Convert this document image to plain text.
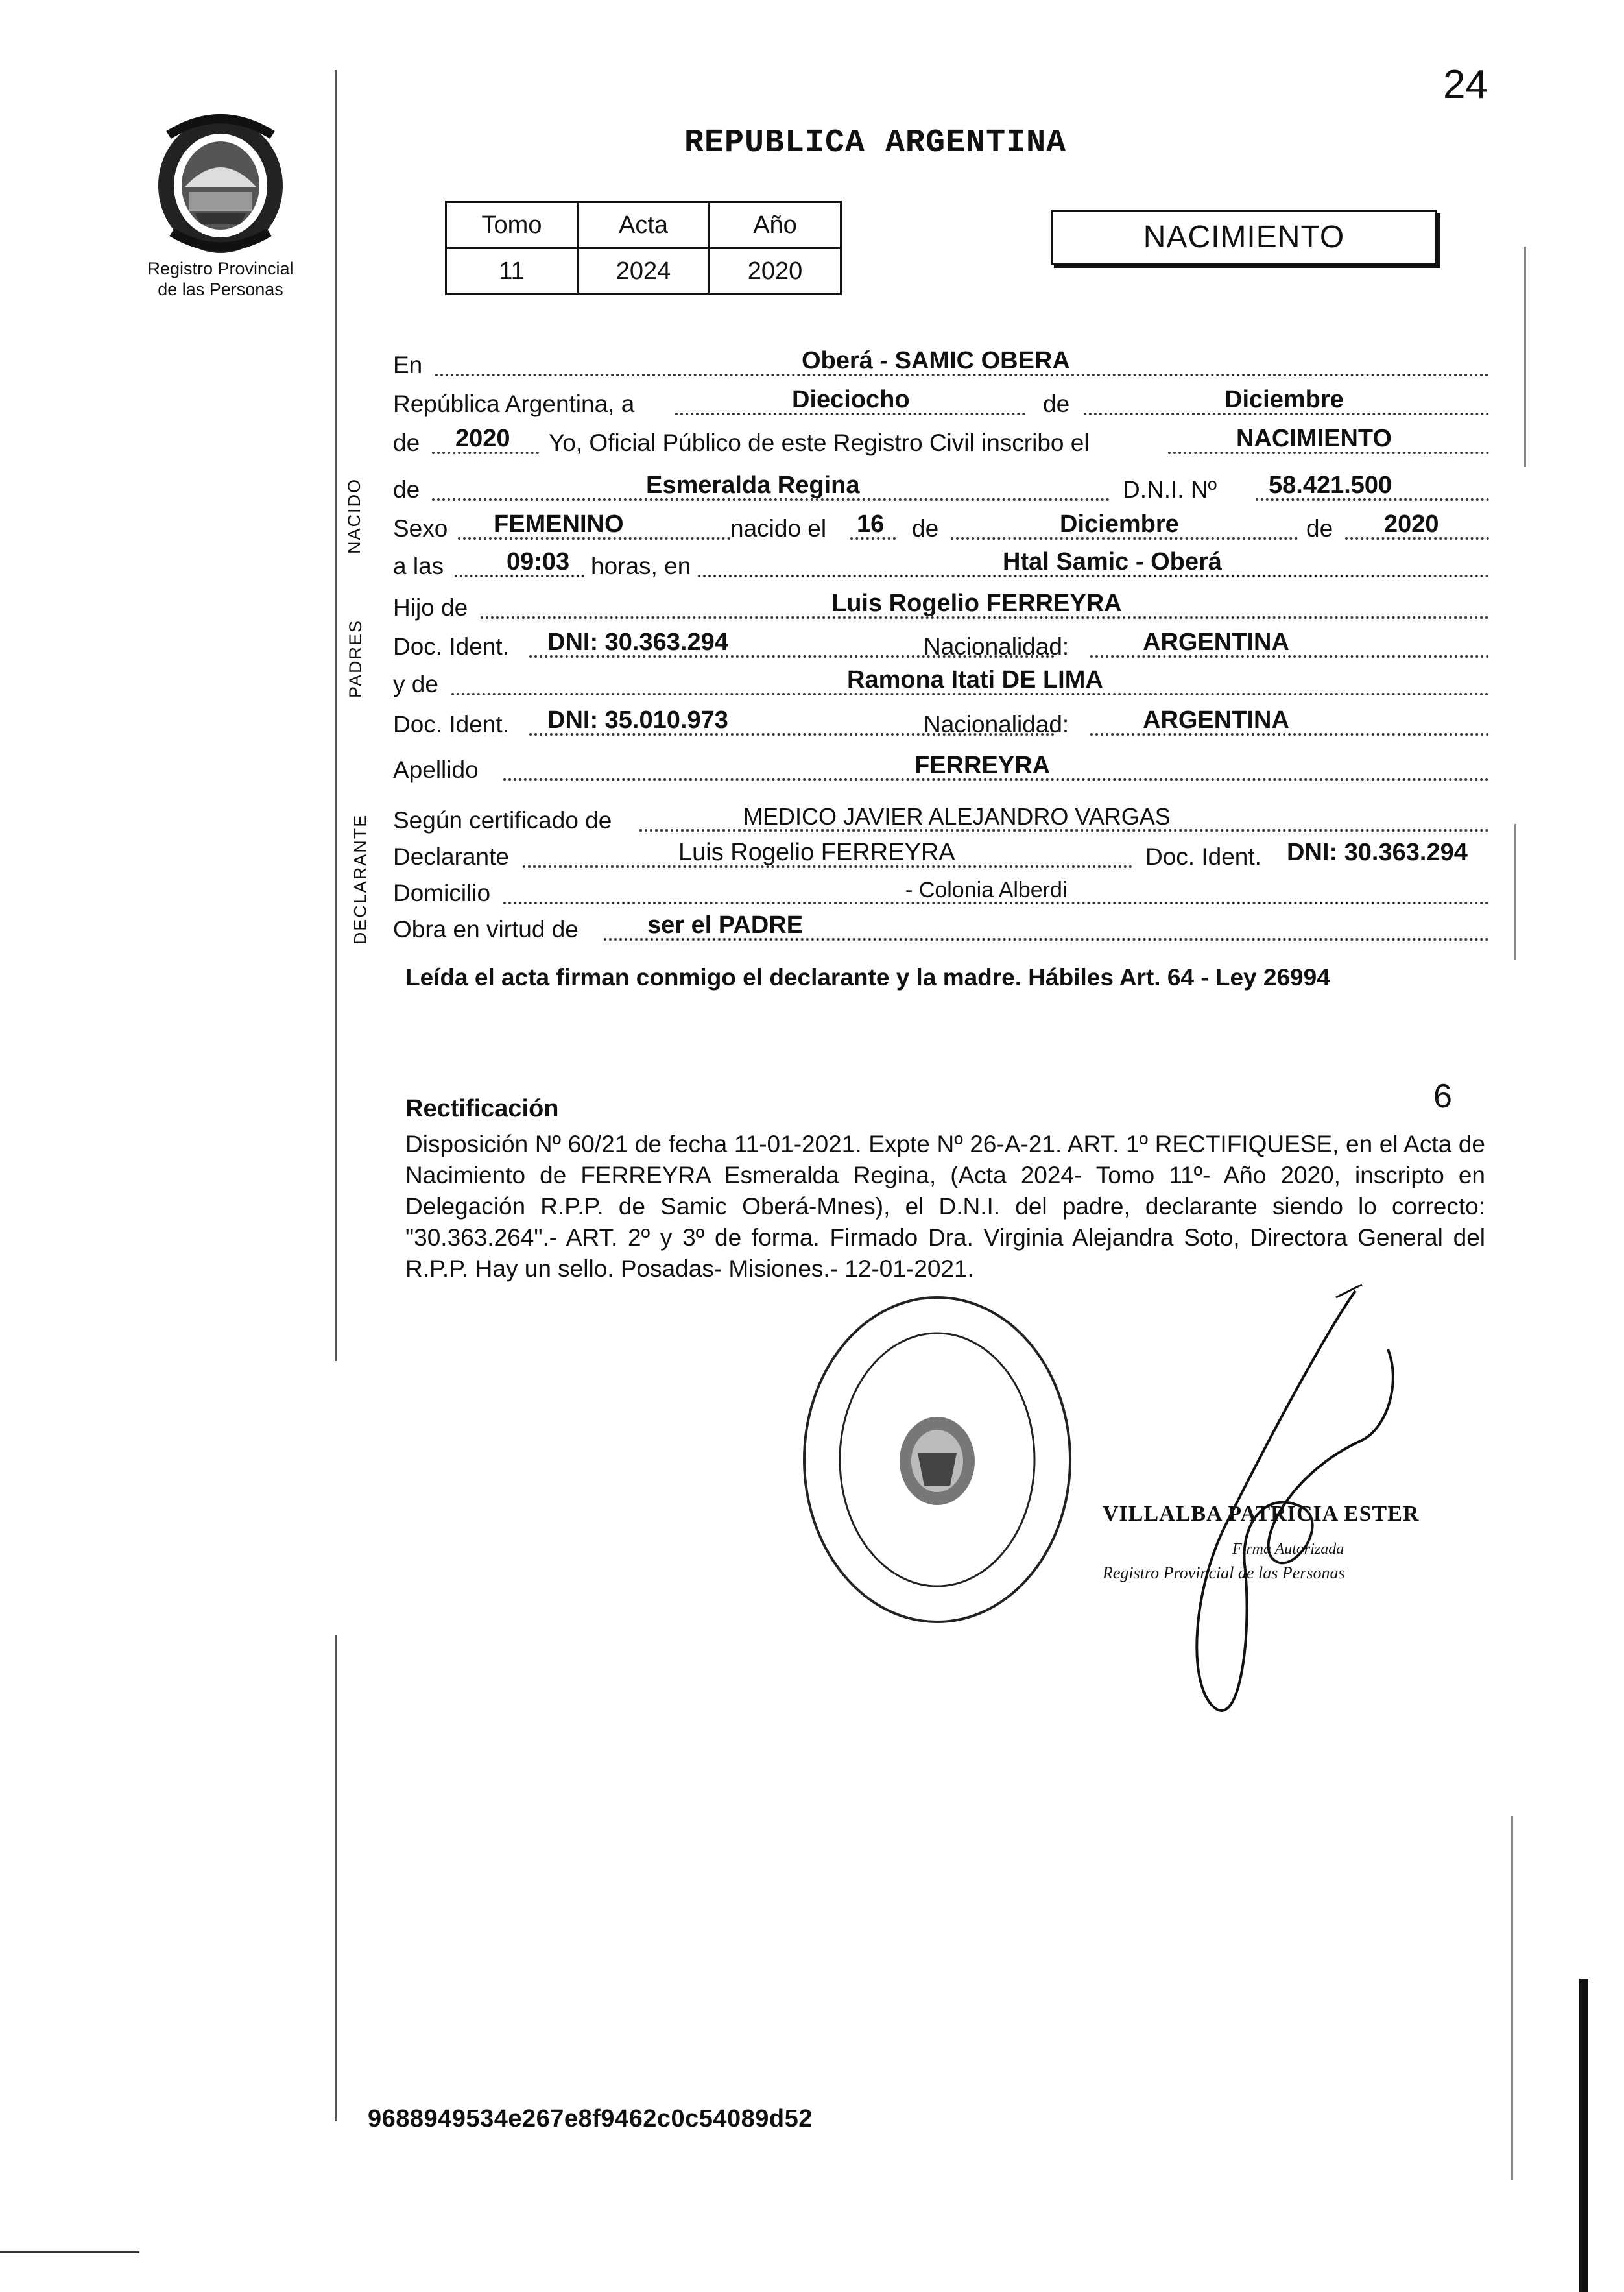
24
REPUBLICA ARGENTINA
Registro Provincial
de las Personas
Tomo	Acta	Año
11	2024	2020
NACIMIENTO
NACIDO
PADRES
DECLARANTE
En	Oberá - SAMIC OBERA
República Argentina, a	Dieciocho	de	Diciembre
de 2020 Yo, Oficial Público de este Registro Civil inscribo el	NACIMIENTO
de	Esmeralda Regina	D.N.I. Nº 58.421.500
Sexo FEMENINO	nacido el 16 de	Diciembre	de 2020
a las	09:03 horas, en	Htal Samic - Oberá
Hijo de	Luis Rogelio FERREYRA
Doc. Ident. DNI: 30.363.294	Nacionalidad:	ARGENTINA
y de	Ramona Itati DE LIMA
Doc. Ident. DNI: 35.010.973	Nacionalidad:	ARGENTINA
Apellido	FERREYRA
Según certificado de	MEDICO JAVIER ALEJANDRO VARGAS
Declarante	Luis Rogelio FERREYRA	Doc. Ident. DNI: 30.363.294
Domicilio	- Colonia Alberdi
Obra en virtud de	ser el PADRE
Leída el acta firman conmigo el declarante y la madre. Hábiles Art. 64 - Ley 26994
Rectificación	6
Disposición Nº 60/21 de fecha 11-01-2021. Expte Nº 26-A-21. ART. 1º RECTIFIQUESE, en el Acta de Nacimiento de FERREYRA Esmeralda Regina, (Acta 2024- Tomo 11º- Año 2020, inscripto en Delegación R.P.P. de Samic Oberá-Mnes), el D.N.I. del padre, declarante siendo lo correcto: "30.363.264".- ART. 2º y 3º de forma. Firmado Dra. Virginia Alejandra Soto, Directora General del R.P.P. Hay un sello. Posadas- Misiones.- 12-01-2021.
VILLALBA PATRICIA ESTER
Firma Autorizada
Registro Provincial de las Personas
9688949534e267e8f9462c0c54089d52
